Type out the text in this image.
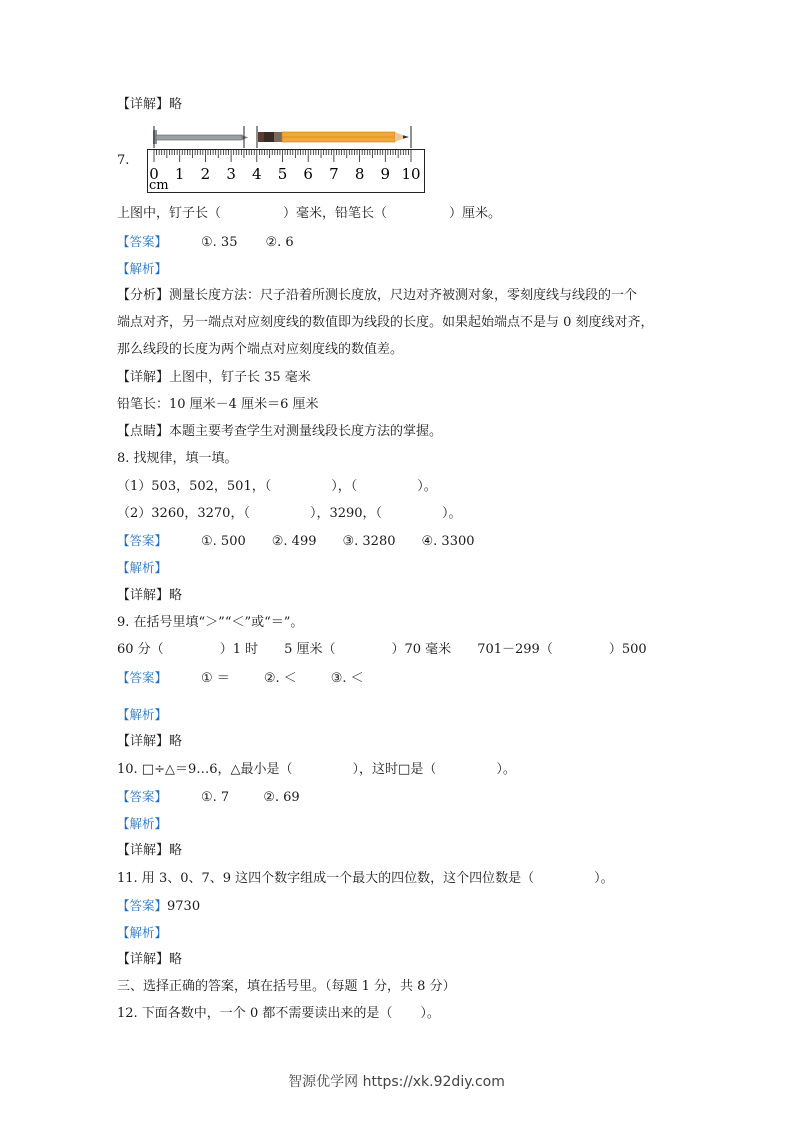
【详解】略
7.
0 1 2 3 4 5 6 7 8 9 10
cm
上图中，钉子长（	）毫米，铅笔长（	）厘米。
【答案】	①. 35 ②. 6
【解析】
【分析】测量长度方法：尺子沿着所测长度放，尺边对齐被测对象，零刻度线与线段的一个
端点对齐，另一端点对应刻度线的数值即为线段的长度。如果起始端点不是与 0 刻度线对齐，
那么线段的长度为两个端点对应刻度线的数值差。
【详解】上图中，钉子长 35 毫米
铅笔长：10 厘米－4 厘米＝6 厘米
【点睛】本题主要考查学生对测量线段长度方法的掌握。
8. 找规律，填一填。
（1）503，502，501，（	），（	）。
（2）3260，3270，（	），3290，（	）。
【答案】	①. 500 ②. 499 ③. 3280 ④. 3300
【解析】
【详解】略
9. 在括号里填“＞”“＜”或“＝”。
60 分（	）1 时 5 厘米（	）70 毫米 701－299（	）500
【答案】	① ＝	②. ＜	③. ＜
【解析】
【详解】略
10. □÷△＝9…6，△最小是（	），这时□是（	）。
【答案】	①. 7	②. 69
【解析】
【详解】略
11. 用 3、0、7、9 这四个数字组成一个最大的四位数，这个四位数是（	）。
【答案】9730
【解析】
【详解】略
三、选择正确的答案，填在括号里。（每题 1 分，共 8 分）
12. 下面各数中，一个 0 都不需要读出来的是（ ）。
智源优学网 https://xk.92diy.com
